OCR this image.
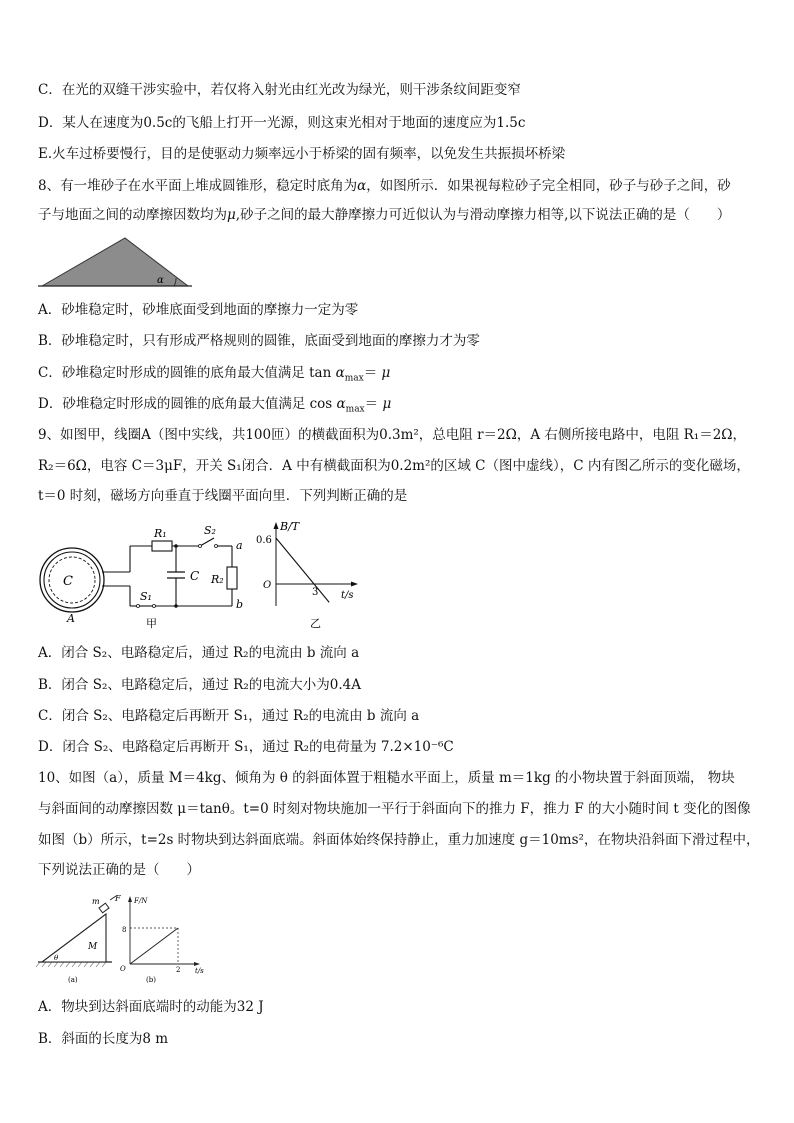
C．在光的双缝干涉实验中，若仅将入射光由红光改为绿光，则干涉条纹间距变窄
D．某人在速度为0.5c的飞船上打开一光源，则这束光相对于地面的速度应为1.5c
E.火车过桥要慢行，目的是使驱动力频率远小于桥梁的固有频率，以免发生共振损坏桥梁
8、有一堆砂子在水平面上堆成圆锥形，稳定时底角为α，如图所示．如果视每粒砂子完全相同，砂子与砂子之间，砂
子与地面之间的动摩擦因数均为μ,砂子之间的最大静摩擦力可近似认为与滑动摩擦力相等,以下说法正确的是（　　）
α
A．砂堆稳定时，砂堆底面受到地面的摩擦力一定为零
B．砂堆稳定时，只有形成严格规则的圆锥，底面受到地面的摩擦力才为零
C．砂堆稳定时形成的圆锥的底角最大值满足 $\tan \alpha_{max}= \mu$
D．砂堆稳定时形成的圆锥的底角最大值满足 $\cos \alpha_{max}= \mu$
9、如图甲，线圈A（图中实线，共100匝）的横截面积为0.3m²，总电阻 r＝2Ω，A 右侧所接电路中，电阻 R₁＝2Ω，
R₂＝6Ω，电容 C＝3μF，开关 S₁闭合．A 中有横截面积为0.2m²的区域 C（图中虚线），C 内有图乙所示的变化磁场，
t＝0 时刻，磁场方向垂直于线圈平面向里．下列判断正确的是
C
A
R₁	S₂
a
R₂
b
C
S₁
甲
B/T
0.6
O
3 t/s
乙
A．闭合 S₂、电路稳定后，通过 R₂的电流由 b 流向 a
B．闭合 S₂、电路稳定后，通过 R₂的电流大小为0.4A
C．闭合 S₂、电路稳定后再断开 S₁，通过 R₂的电流由 b 流向 a
D．闭合 S₂、电路稳定后再断开 S₁，通过 R₂的电荷量为 7.2×10⁻⁶C
10、如图（a），质量 M＝4kg、倾角为 θ 的斜面体置于粗糙水平面上，质量 m＝1kg 的小物块置于斜面顶端， 物块
与斜面间的动摩擦因数 μ＝tanθ。t=0 时刻对物块施加一平行于斜面向下的推力 F，推力 F 的大小随时间 t 变化的图像
如图（b）所示，t=2s 时物块到达斜面底端。斜面体始终保持静止，重力加速度 g＝10ms²，在物块沿斜面下滑过程中，
下列说法正确的是（　　）
m F
M
θ
(a)
F/N
8
O	2 t/s
(b)
A．物块到达斜面底端时的动能为32 J
B．斜面的长度为8 m
